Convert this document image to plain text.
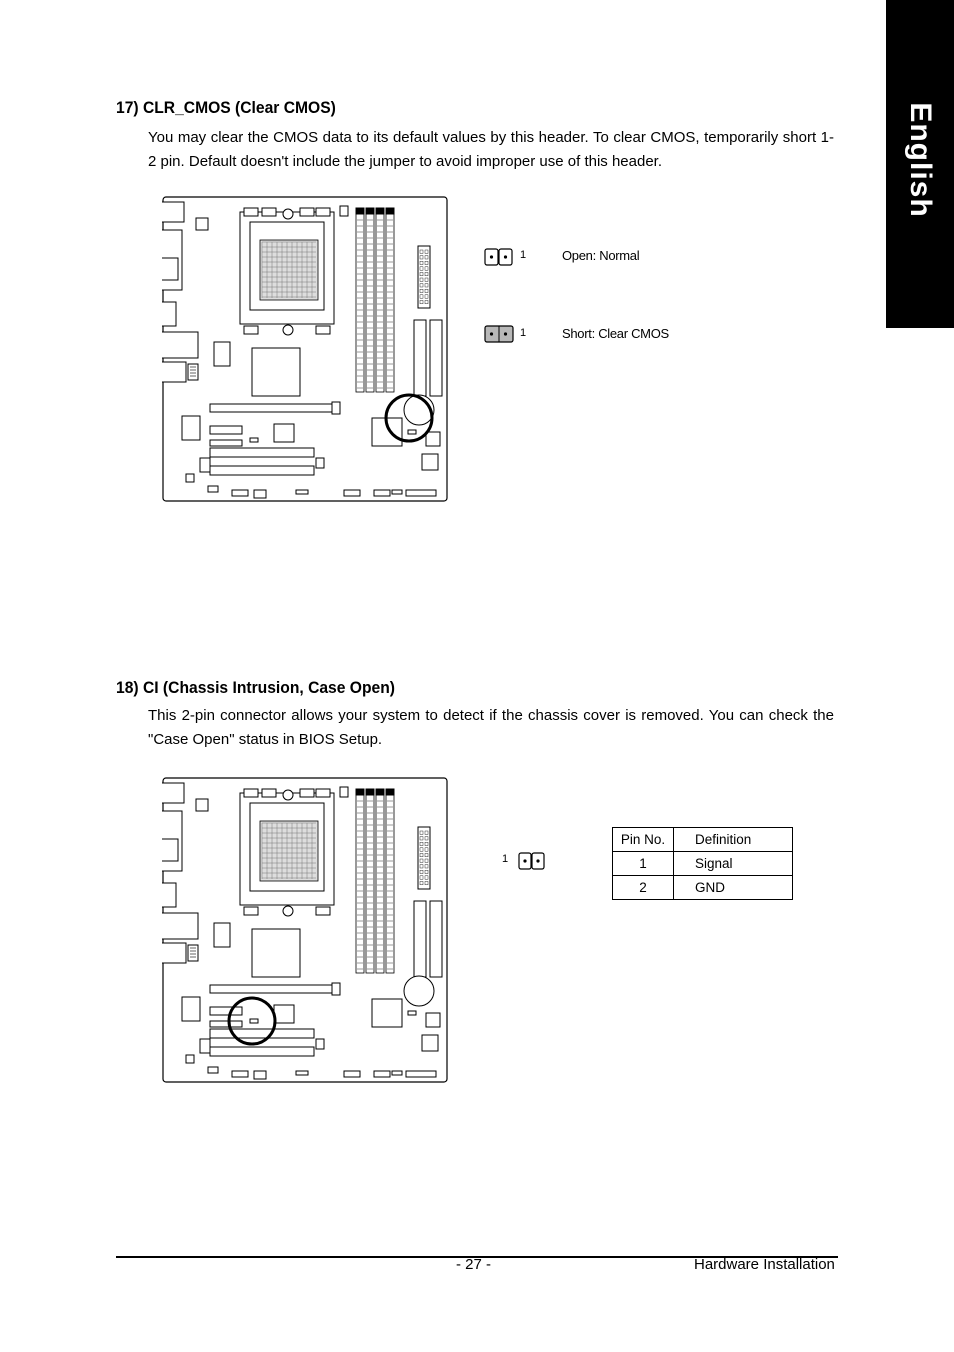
English
17) CLR_CMOS (Clear CMOS)
You may clear the CMOS data to its default values by this header. To clear CMOS, temporarily short 1-2 pin. Default doesn't include the jumper to avoid improper use of this header.
1	Open: Normal
1	Short: Clear CMOS
18) CI (Chassis Intrusion, Case Open)
This 2-pin connector allows your system to detect if the chassis cover is removed. You can check the "Case Open" status in BIOS Setup.
1
Pin No.	Definition
1	Signal
2	GND
- 27 -	Hardware Installation
